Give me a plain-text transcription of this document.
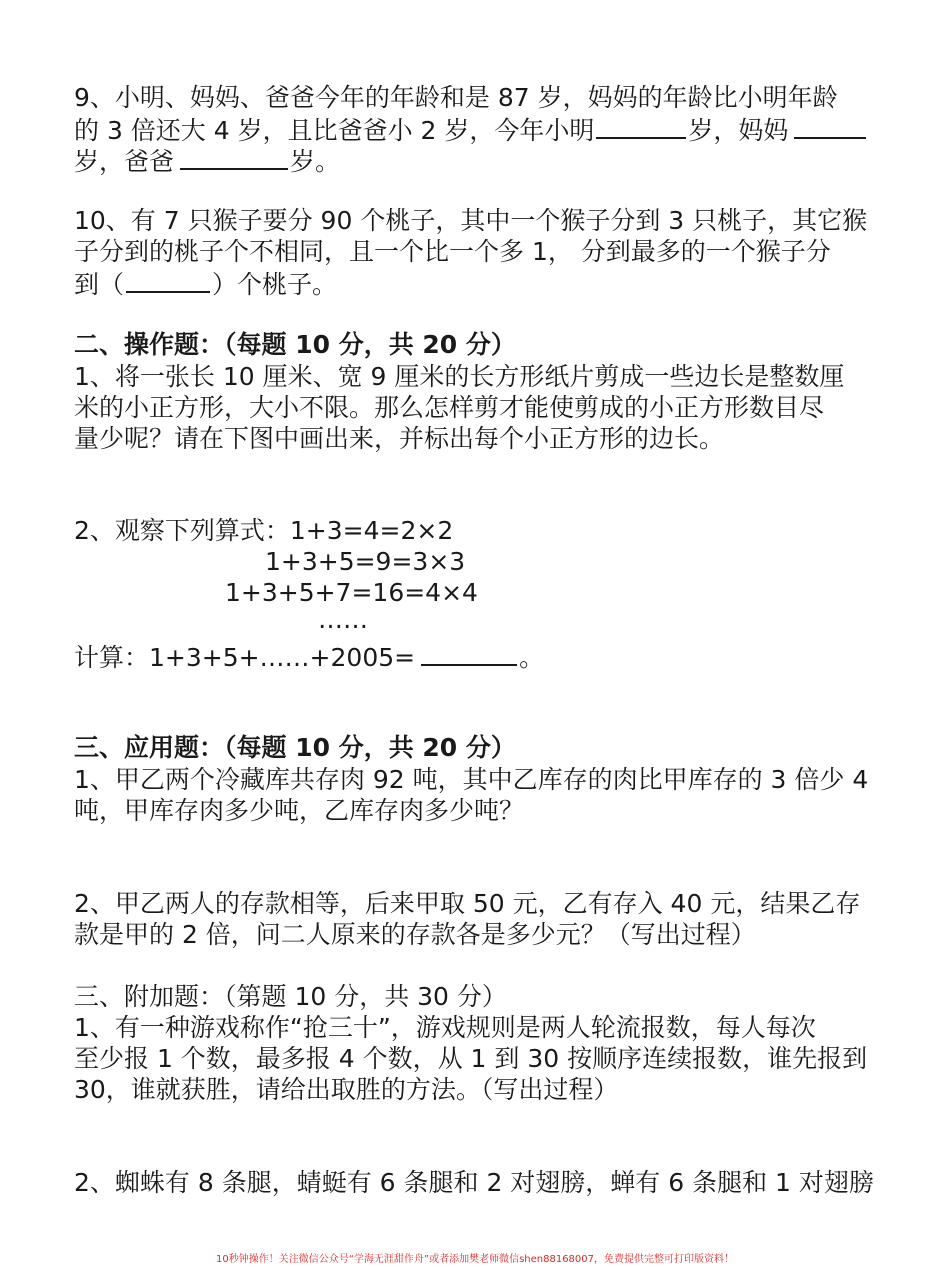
9、小明、妈妈、爸爸今年的年龄和是 87 岁，妈妈的年龄比小明年龄
的 3 倍还大 4 岁，且比爸爸小 2 岁，今年小明	岁，妈妈
岁，爸爸	岁。
10、有 7 只猴子要分 90 个桃子，其中一个猴子分到 3 只桃子，其它猴
子分到的桃子个不相同，且一个比一个多 1， 分到最多的一个猴子分
到（	）个桃子。
二、操作题：（每题 10 分，共 20 分）
1、将一张长 10 厘米、宽 9 厘米的长方形纸片剪成一些边长是整数厘
米的小正方形，大小不限。那么怎样剪才能使剪成的小正方形数目尽
量少呢？请在下图中画出来，并标出每个小正方形的边长。
2、观察下列算式：1+3=4=2×2
1+3+5=9=3×3
1+3+5+7=16=4×4
……
计算：1+3+5+……+2005=	。
三、应用题：（每题 10 分，共 20 分）
1、甲乙两个冷藏库共存肉 92 吨，其中乙库存的肉比甲库存的 3 倍少 4
吨，甲库存肉多少吨，乙库存肉多少吨？
2、甲乙两人的存款相等，后来甲取 50 元，乙有存入 40 元，结果乙存
款是甲的 2 倍，问二人原来的存款各是多少元？（写出过程）
三、附加题：（第题 10 分，共 30 分）
1、有一种游戏称作“抢三十”，游戏规则是两人轮流报数，每人每次
至少报 1 个数，最多报 4 个数，从 1 到 30 按顺序连续报数，谁先报到
30，谁就获胜，请给出取胜的方法。（写出过程）
2、蜘蛛有 8 条腿，蜻蜓有 6 条腿和 2 对翅膀，蝉有 6 条腿和 1 对翅膀
10秒钟操作！关注微信公众号“学海无涯甜作舟”或者添加樊老师微信shen88168007，免费提供完整可打印版资料！
